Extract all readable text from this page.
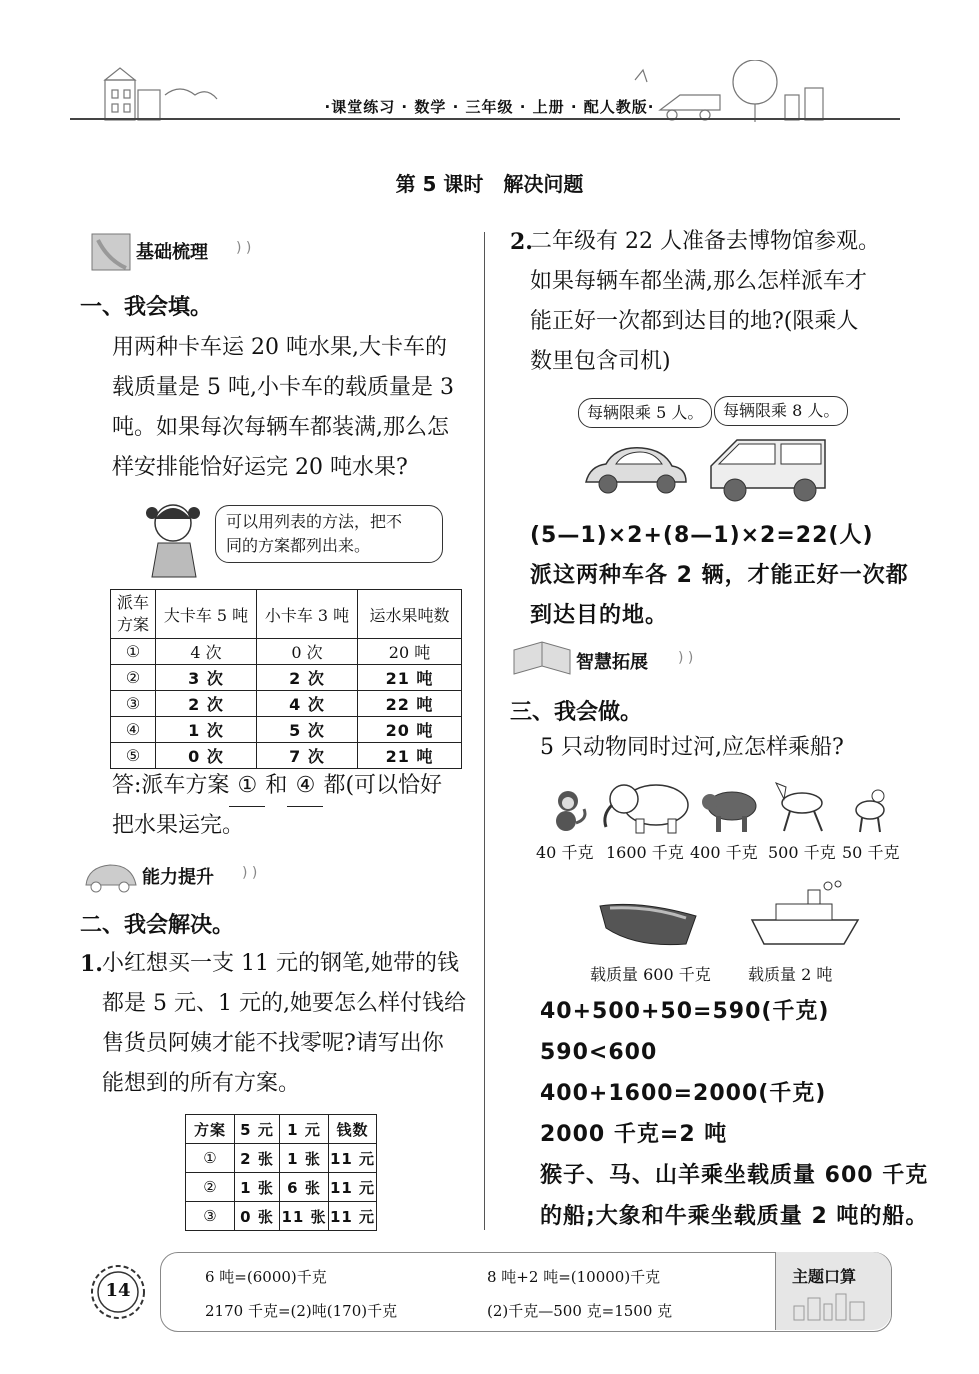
·课堂练习 · 数学 · 三年级 · 上册 · 配人教版·
第 5 课时　解决问题
基础梳理 ) )
一、我会填。
用两种卡车运 20 吨水果,大卡车的
载质量是 5 吨,小卡车的载质量是 3
吨。如果每次每辆车都装满,那么怎
样安排能恰好运完 20 吨水果?
可以用列表的方法，把不
同的方案都列出来。
派车方案	大卡车 5 吨	小卡车 3 吨	运水果吨数
①	4 次	0 次	20 吨
②	3 次	2 次	21 吨
③	2 次	4 次	22 吨
④	1 次	5 次	20 吨
⑤	0 次	7 次	21 吨
答:派车方案 ① 和 ④ 都(可以恰好
把水果运完。
能力提升 ) )
二、我会解决。
1. 小红想买一支 11 元的钢笔,她带的钱
都是 5 元、1 元的,她要怎么样付钱给
售货员阿姨才能不找零呢?请写出你
能想到的所有方案。
方案	5 元	1 元	钱数
①	2 张	1 张	11 元
②	1 张	6 张	11 元
③	0 张	11 张	11 元
2.
二年级有 22 人准备去博物馆参观。
如果每辆车都坐满,那么怎样派车才
能正好一次都到达目的地?(限乘人
数里包含司机)
每辆限乘 5 人。	每辆限乘 8 人。
(5—1)×2+(8—1)×2=22(人)
派这两种车各 2 辆，才能正好一次都
到达目的地。
智慧拓展 ) )
三、我会做。
5 只动物同时过河,应怎样乘船?
40 千克 1600 千克 400 千克 500 千克 50 千克
载质量 600 千克 载质量 2 吨
40+500+50=590(千克)
590<600
400+1600=2000(千克)
2000 千克=2 吨
猴子、马、山羊乘坐载质量 600 千克
的船;大象和牛乘坐载质量 2 吨的船。
14
主题口算
6 吨=(6000)千克	8 吨+2 吨=(10000)千克
2170 千克=(2)吨(170)千克	(2)千克—500 克=1500 克
